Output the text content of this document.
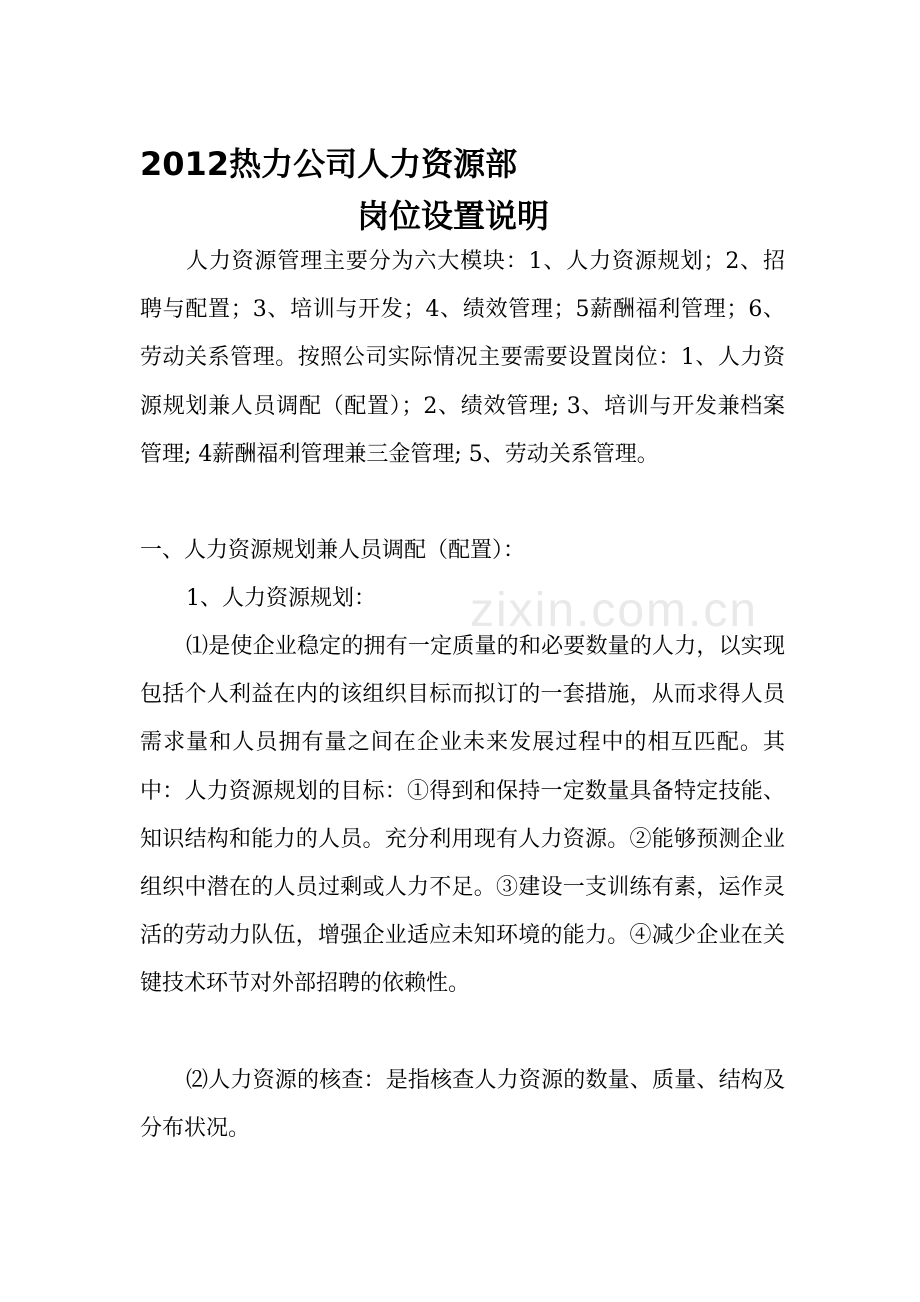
zixin.com.cn
2012热力公司人力资源部
岗位设置说明
人力资源管理主要分为六大模块：1、人力资源规划；2、招聘与配置；3、培训与开发；4、绩效管理；5薪酬福利管理；6、劳动关系管理。按照公司实际情况主要需要设置岗位：1、人力资源规划兼人员调配（配置）；2、绩效管理; 3、培训与开发兼档案管理; 4薪酬福利管理兼三金管理; 5、劳动关系管理。
一、人力资源规划兼人员调配（配置）：
1、人力资源规划：
⑴是使企业稳定的拥有一定质量的和必要数量的人力，以实现包括个人利益在内的该组织目标而拟订的一套措施，从而求得人员需求量和人员拥有量之间在企业未来发展过程中的相互匹配。其中：人力资源规划的目标：①得到和保持一定数量具备特定技能、知识结构和能力的人员。充分利用现有人力资源。②能够预测企业组织中潜在的人员过剩或人力不足。③建设一支训练有素，运作灵活的劳动力队伍，增强企业适应未知环境的能力。④减少企业在关键技术环节对外部招聘的依赖性。
⑵人力资源的核查：是指核查人力资源的数量、质量、结构及分布状况。
